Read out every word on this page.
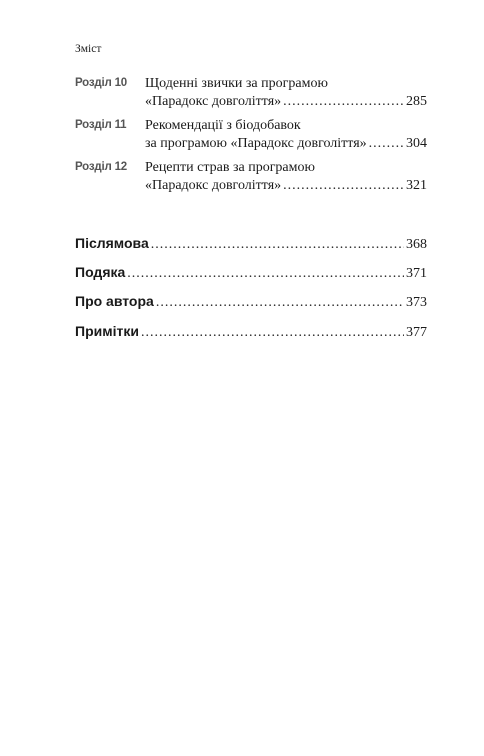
Зміст
Розділ 10 Щоденні звички за програмою
«Парадокс довголіття» .....	285
Розділ 11 Рекомендації з біодобавок
за програмою «Парадокс довголіття» .....	304
Розділ 12 Рецепти страв за програмою
«Парадокс довголіття» .....	321
Післямова .....	368
Подяка .....	371
Про автора .....	373
Примітки .....	377
